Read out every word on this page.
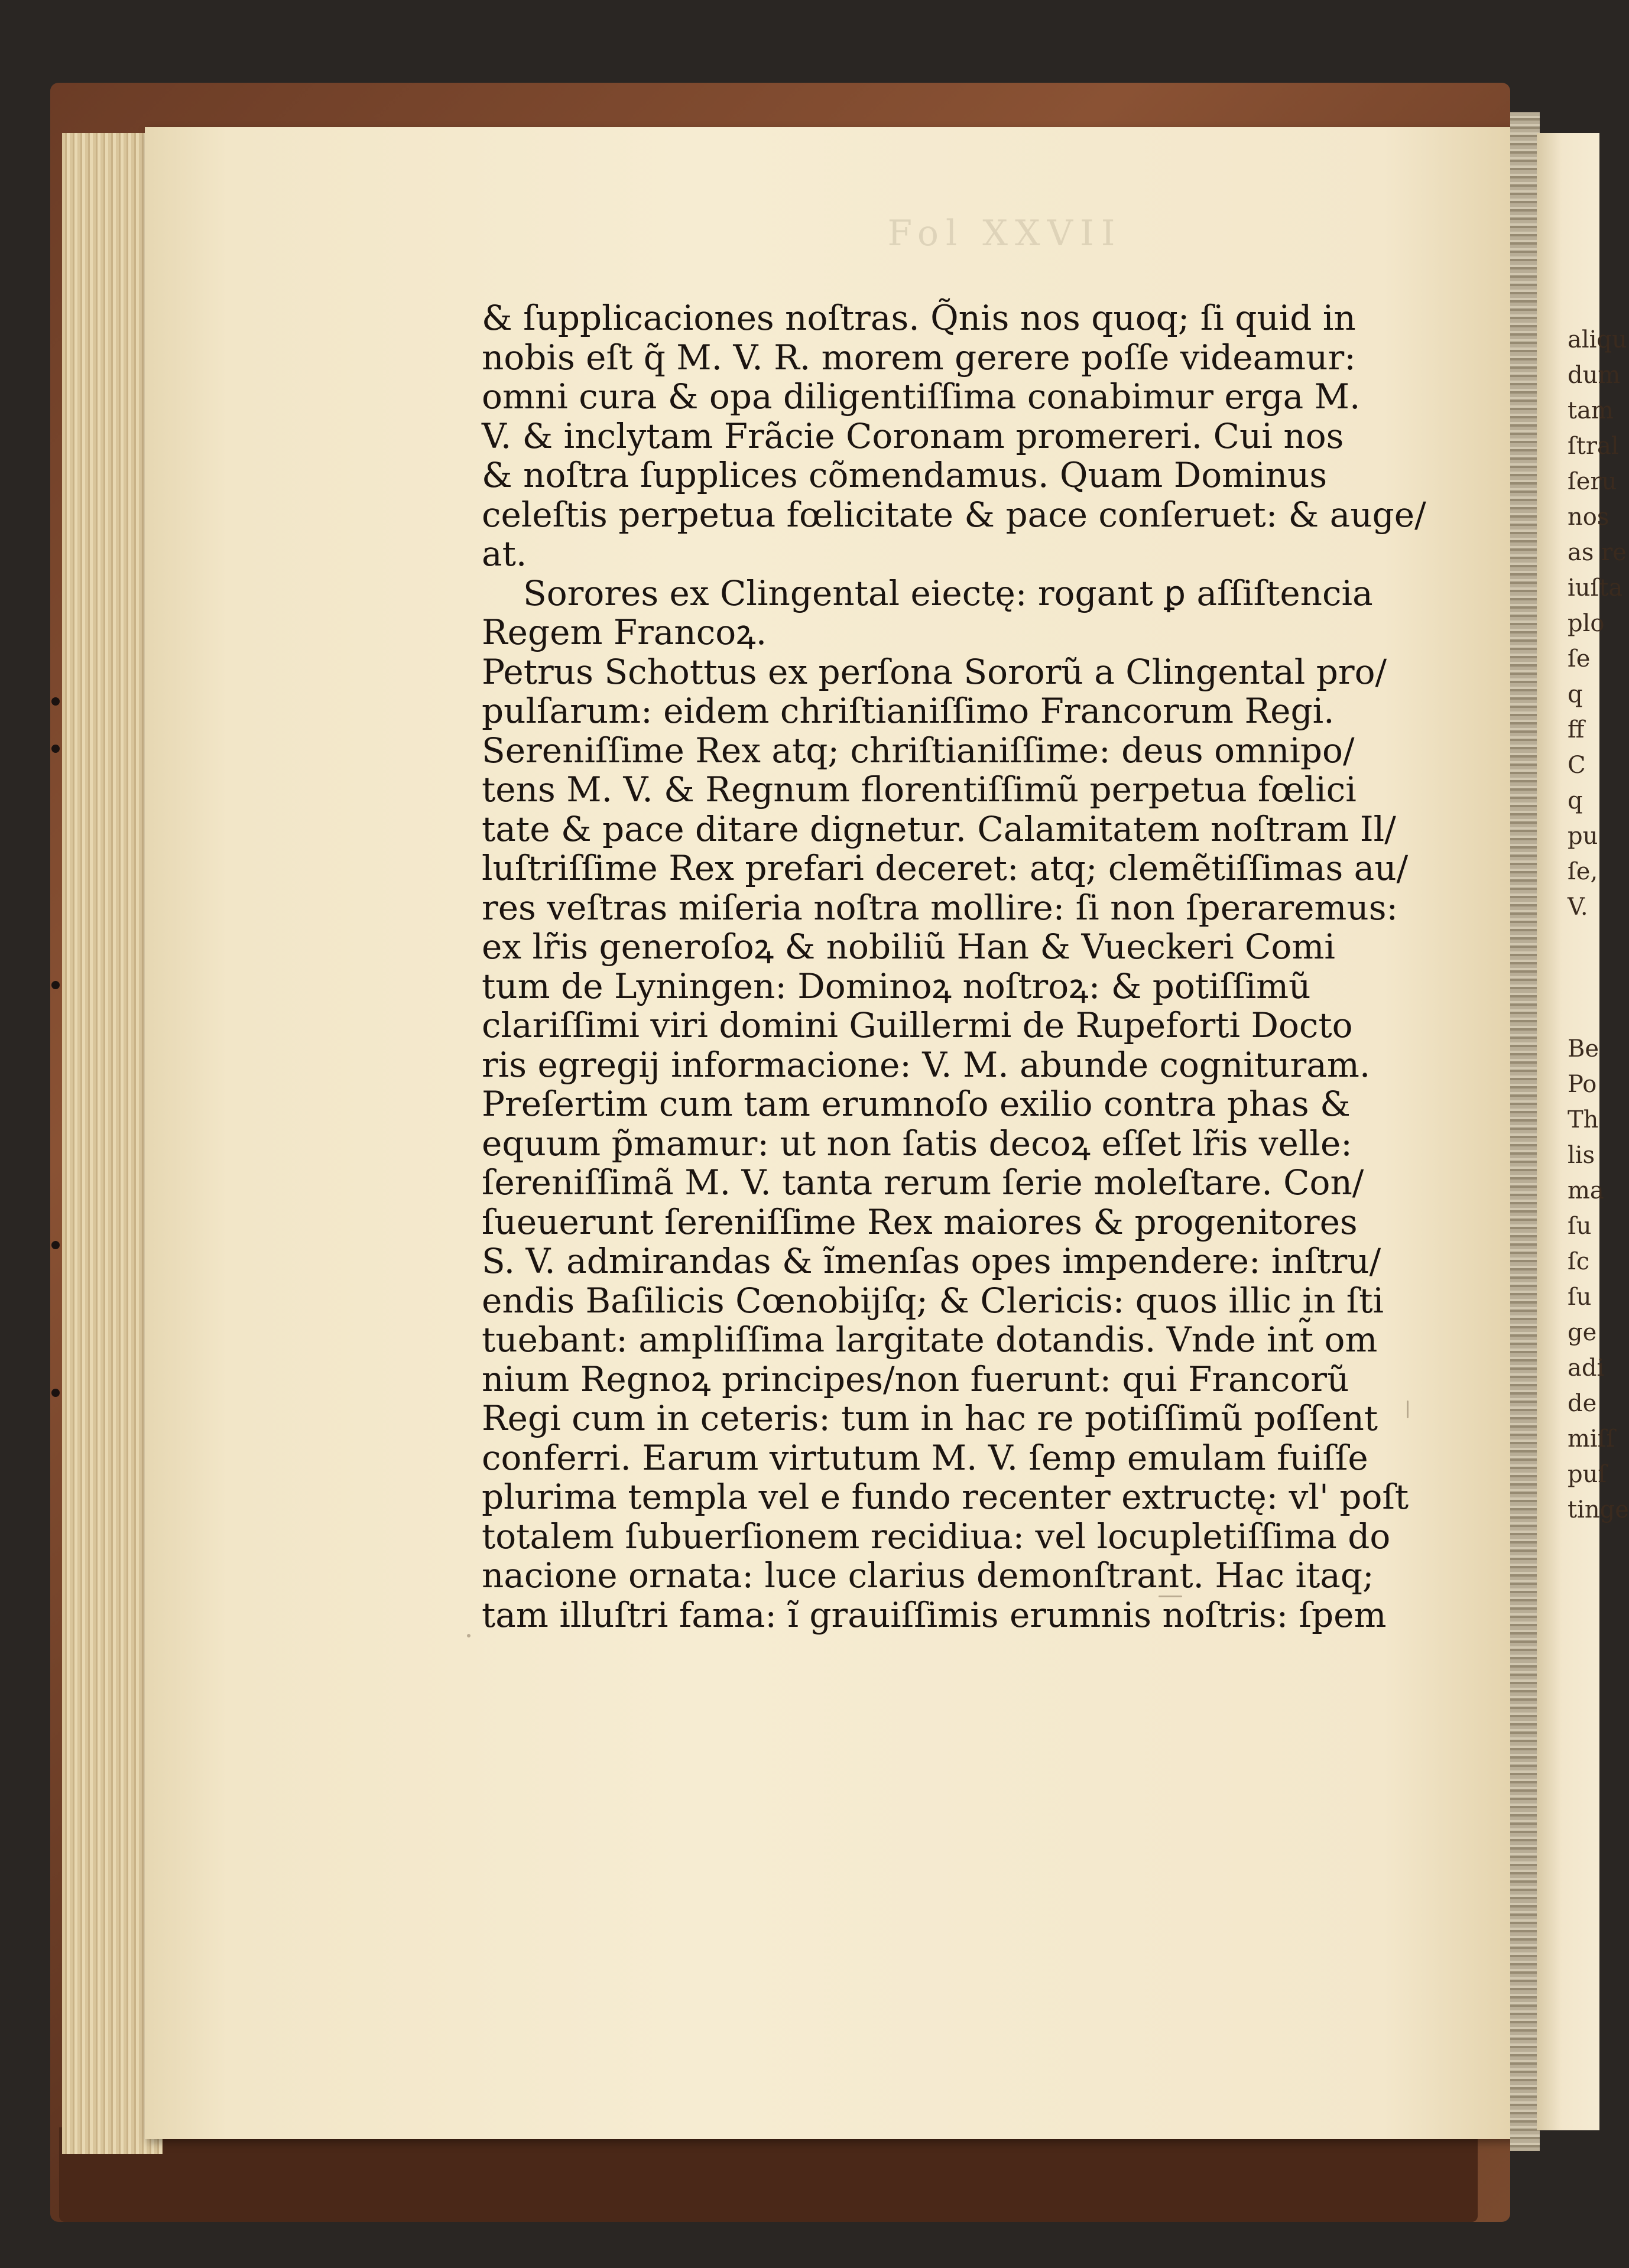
Fol XXVII
& ſupplicaciones noſtras. Q̃nis nos quoq; ſi quid in
nobis eſt q̃ M. V. R. morem gerere poſſe videamur:
omni cura & opa diligentiſſima conabimur erga M.
V. & inclytam Frãcie Coronam promereri. Cui nos
& noſtra ſupplices cõmendamus. Quam Dominus
celeſtis perpetua fœlicitate & pace conſeruet: & auge/
at.
Sorores ex Clingental eiectę: rogant ꝑ aſſiſtencia
Regem Francoꝝ.
Petrus Schottus ex perſona Sororũ a Clingental pro/
pulſarum: eidem chriſtianiſſimo Francorum Regi.
Sereniſſime Rex atq; chriſtianiſſime: deus omnipo/
tens M. V. & Regnum florentiſſimũ perpetua fœlici
tate & pace ditare dignetur. Calamitatem noſtram Il/
luſtriſſime Rex prefari deceret: atq; clemẽtiſſimas au/
res veſtras miſeria noſtra mollire: ſi non ſperaremus:
ex lr̃is generoſoꝝ & nobiliũ Han & Vueckeri Comi
tum de Lyningen: Dominoꝝ noſtroꝝ: & potiſſimũ
clariſſimi viri domini Guillermi de Rupeforti Docto
ris egregij informacione: V. M. abunde cognituram.
Preſertim cum tam erumnoſo exilio contra phas &
equum p̃mamur: ut non ſatis decoꝝ eſſet lr̃is velle:
ſereniſſimã M. V. tanta rerum ſerie moleſtare. Con/
ſueuerunt ſereniſſime Rex maiores & progenitores
S. V. admirandas & ĩmenſas opes impendere: inſtru/
endis Baſilicis Cœnobijſq; & Clericis: quos illic in ſti
tuebant: ampliſſima largitate dotandis. Vnde int̃ om
nium Regnoꝝ principes/non fuerunt: qui Francorũ
Regi cum in ceteris: tum in hac re potiſſimũ poſſent
conferri. Earum virtutum M. V. ſemp emulam fuiſſe
plurima templa vel e fundo recenter extructę: vl' poſt
totalem ſubuerſionem recidiua: vel locupletiſſima do
nacione ornata: luce clarius demonſtrant. Hac itaq;
tam illuſtri fama: ĩ grauiſſimis erumnis noſtris: ſpem
aliqu
dum
tam
ſtral
ſeru
nos
as re
iuſta
plo
ſe
q
ff
C
q
pu
ſe,
V.
Be
Po
Th
lis
ma
ſu
ſc
ſu
ge
adi
de
miſſ
puſ
tinge
